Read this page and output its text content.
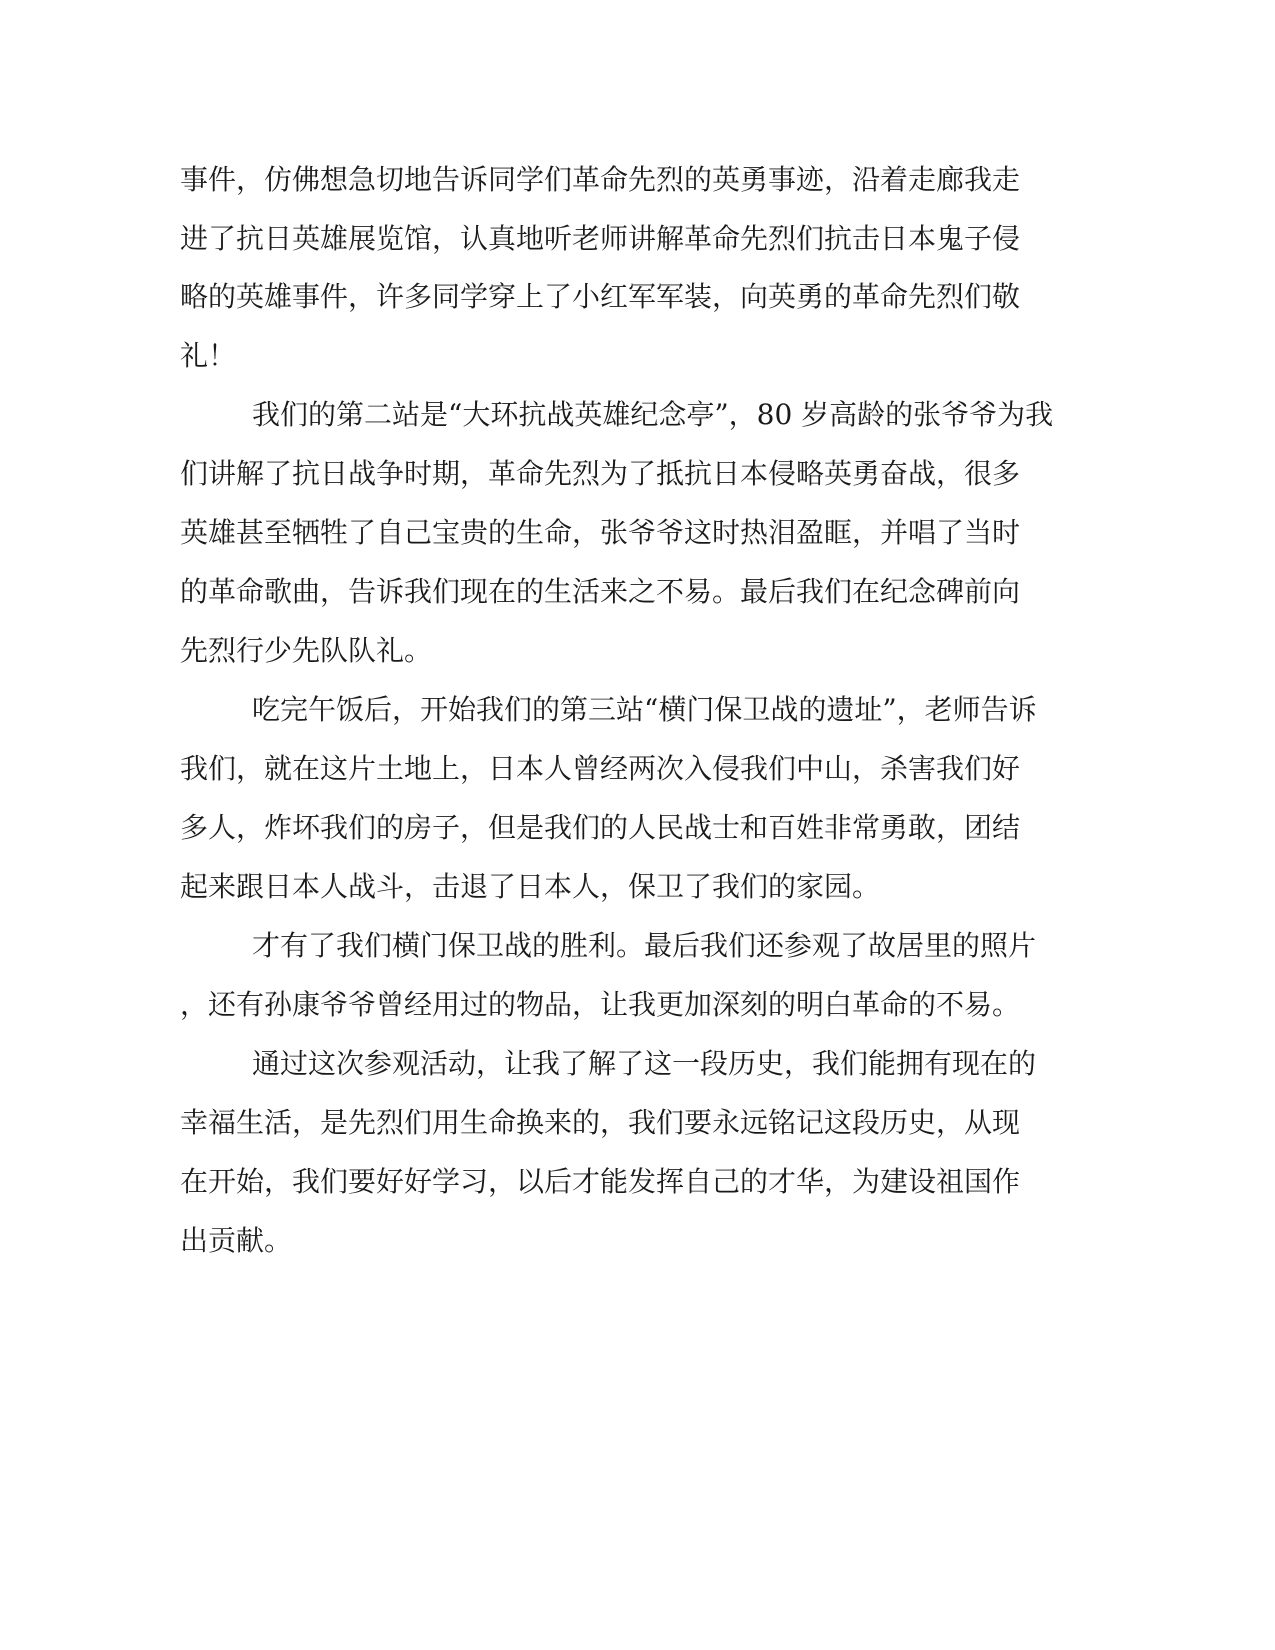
事件，仿佛想急切地告诉同学们革命先烈的英勇事迹，沿着走廊我走

进了抗日英雄展览馆，认真地听老师讲解革命先烈们抗击日本鬼子侵

略的英雄事件，许多同学穿上了小红军军装，向英勇的革命先烈们敬

礼！

我们的第二站是“大环抗战英雄纪念亭”，80 岁高龄的张爷爷为我

们讲解了抗日战争时期，革命先烈为了抵抗日本侵略英勇奋战，很多

英雄甚至牺牲了自己宝贵的生命，张爷爷这时热泪盈眶，并唱了当时

的革命歌曲，告诉我们现在的生活来之不易。最后我们在纪念碑前向

先烈行少先队队礼。

吃完午饭后，开始我们的第三站“横门保卫战的遗址”，老师告诉

我们，就在这片土地上，日本人曾经两次入侵我们中山，杀害我们好

多人，炸坏我们的房子，但是我们的人民战士和百姓非常勇敢，团结

起来跟日本人战斗，击退了日本人，保卫了我们的家园。

才有了我们横门保卫战的胜利。最后我们还参观了故居里的照片

，还有孙康爷爷曾经用过的物品，让我更加深刻的明白革命的不易。

通过这次参观活动，让我了解了这一段历史，我们能拥有现在的

幸福生活，是先烈们用生命换来的，我们要永远铭记这段历史，从现

在开始，我们要好好学习，以后才能发挥自己的才华，为建设祖国作

出贡献。
